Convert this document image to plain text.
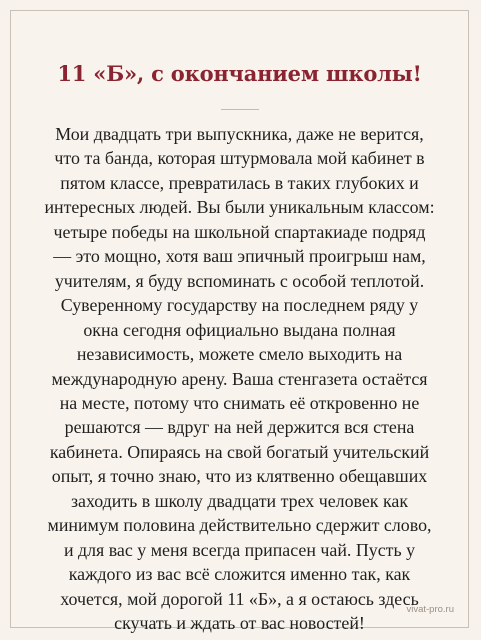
11 «Б», с окончанием школы!
Мои двадцать три выпускника, даже не верится,
что та банда, которая штурмовала мой кабинет в
пятом классе, превратилась в таких глубоких и
интересных людей. Вы были уникальным классом:
четыре победы на школьной спартакиаде подряд
— это мощно, хотя ваш эпичный проигрыш нам,
учителям, я буду вспоминать с особой теплотой.
Суверенному государству на последнем ряду у
окна сегодня официально выдана полная
независимость, можете смело выходить на
международную арену. Ваша стенгазета остаётся
на месте, потому что снимать её откровенно не
решаются — вдруг на ней держится вся стена
кабинета. Опираясь на свой богатый учительский
опыт, я точно знаю, что из клятвенно обещавших
заходить в школу двадцати трех человек как
минимум половина действительно сдержит слово,
и для вас у меня всегда припасен чай. Пусть у
каждого из вас всё сложится именно так, как
хочется, мой дорогой 11 «Б», а я остаюсь здесь
скучать и ждать от вас новостей!
vivat-pro.ru
